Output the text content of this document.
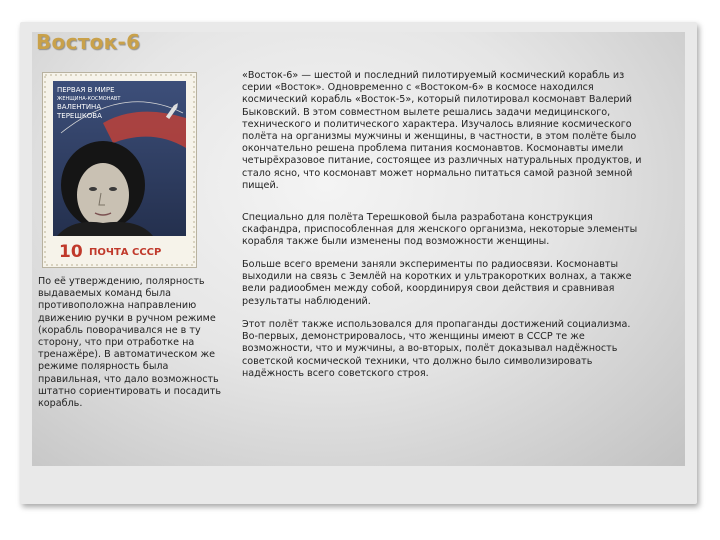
Восток-6
ПЕРВАЯ В МИРЕ
ЖЕНЩИНА-КОСМОНАВТ
ВАЛЕНТИНА
ТЕРЕШКОВА
10 ПОЧТА СССР

«Восток-6» — шестой и последний пилотируемый космический корабль из серии «Восток». Одновременно с «Востоком-6» в космосе находился космический корабль «Восток-5», который пилотировал космонавт Валерий Быковский. В этом совместном вылете решались задачи медицинского, технического и политического характера. Изучалось влияние космического полёта на организмы мужчины и женщины, в частности, в этом полёте было окончательно решена проблема питания космонавтов. Космонавты имели четырёхразовое питание, состоящее из различных натуральных продуктов, и стало ясно, что космонавт может нормально питаться самой разной земной пищей.

Специально для полёта Терешковой была разработана конструкция скафандра, приспособленная для женского организма, некоторые элементы корабля также были изменены под возможности женщины.

Больше всего времени заняли эксперименты по радиосвязи. Космонавты выходили на связь с Землёй на коротких и ультракоротких волнах, а также вели радиообмен между собой, координируя свои действия и сравнивая результаты наблюдений.

Этот полёт также использовался для пропаганды достижений социализма. Во-первых, демонстрировалось, что женщины имеют в СССР те же возможности, что и мужчины, а во-вторых, полёт доказывал надёжность советской космической техники, что должно было символизировать надёжность всего советского строя.

По её утверждению, полярность выдаваемых команд была противоположна направлению движению ручки в ручном режиме (корабль поворачивался не в ту сторону, что при отработке на тренажёре). В автоматическом же режиме полярность была правильная, что дало возможность штатно сориентировать и посадить корабль.
